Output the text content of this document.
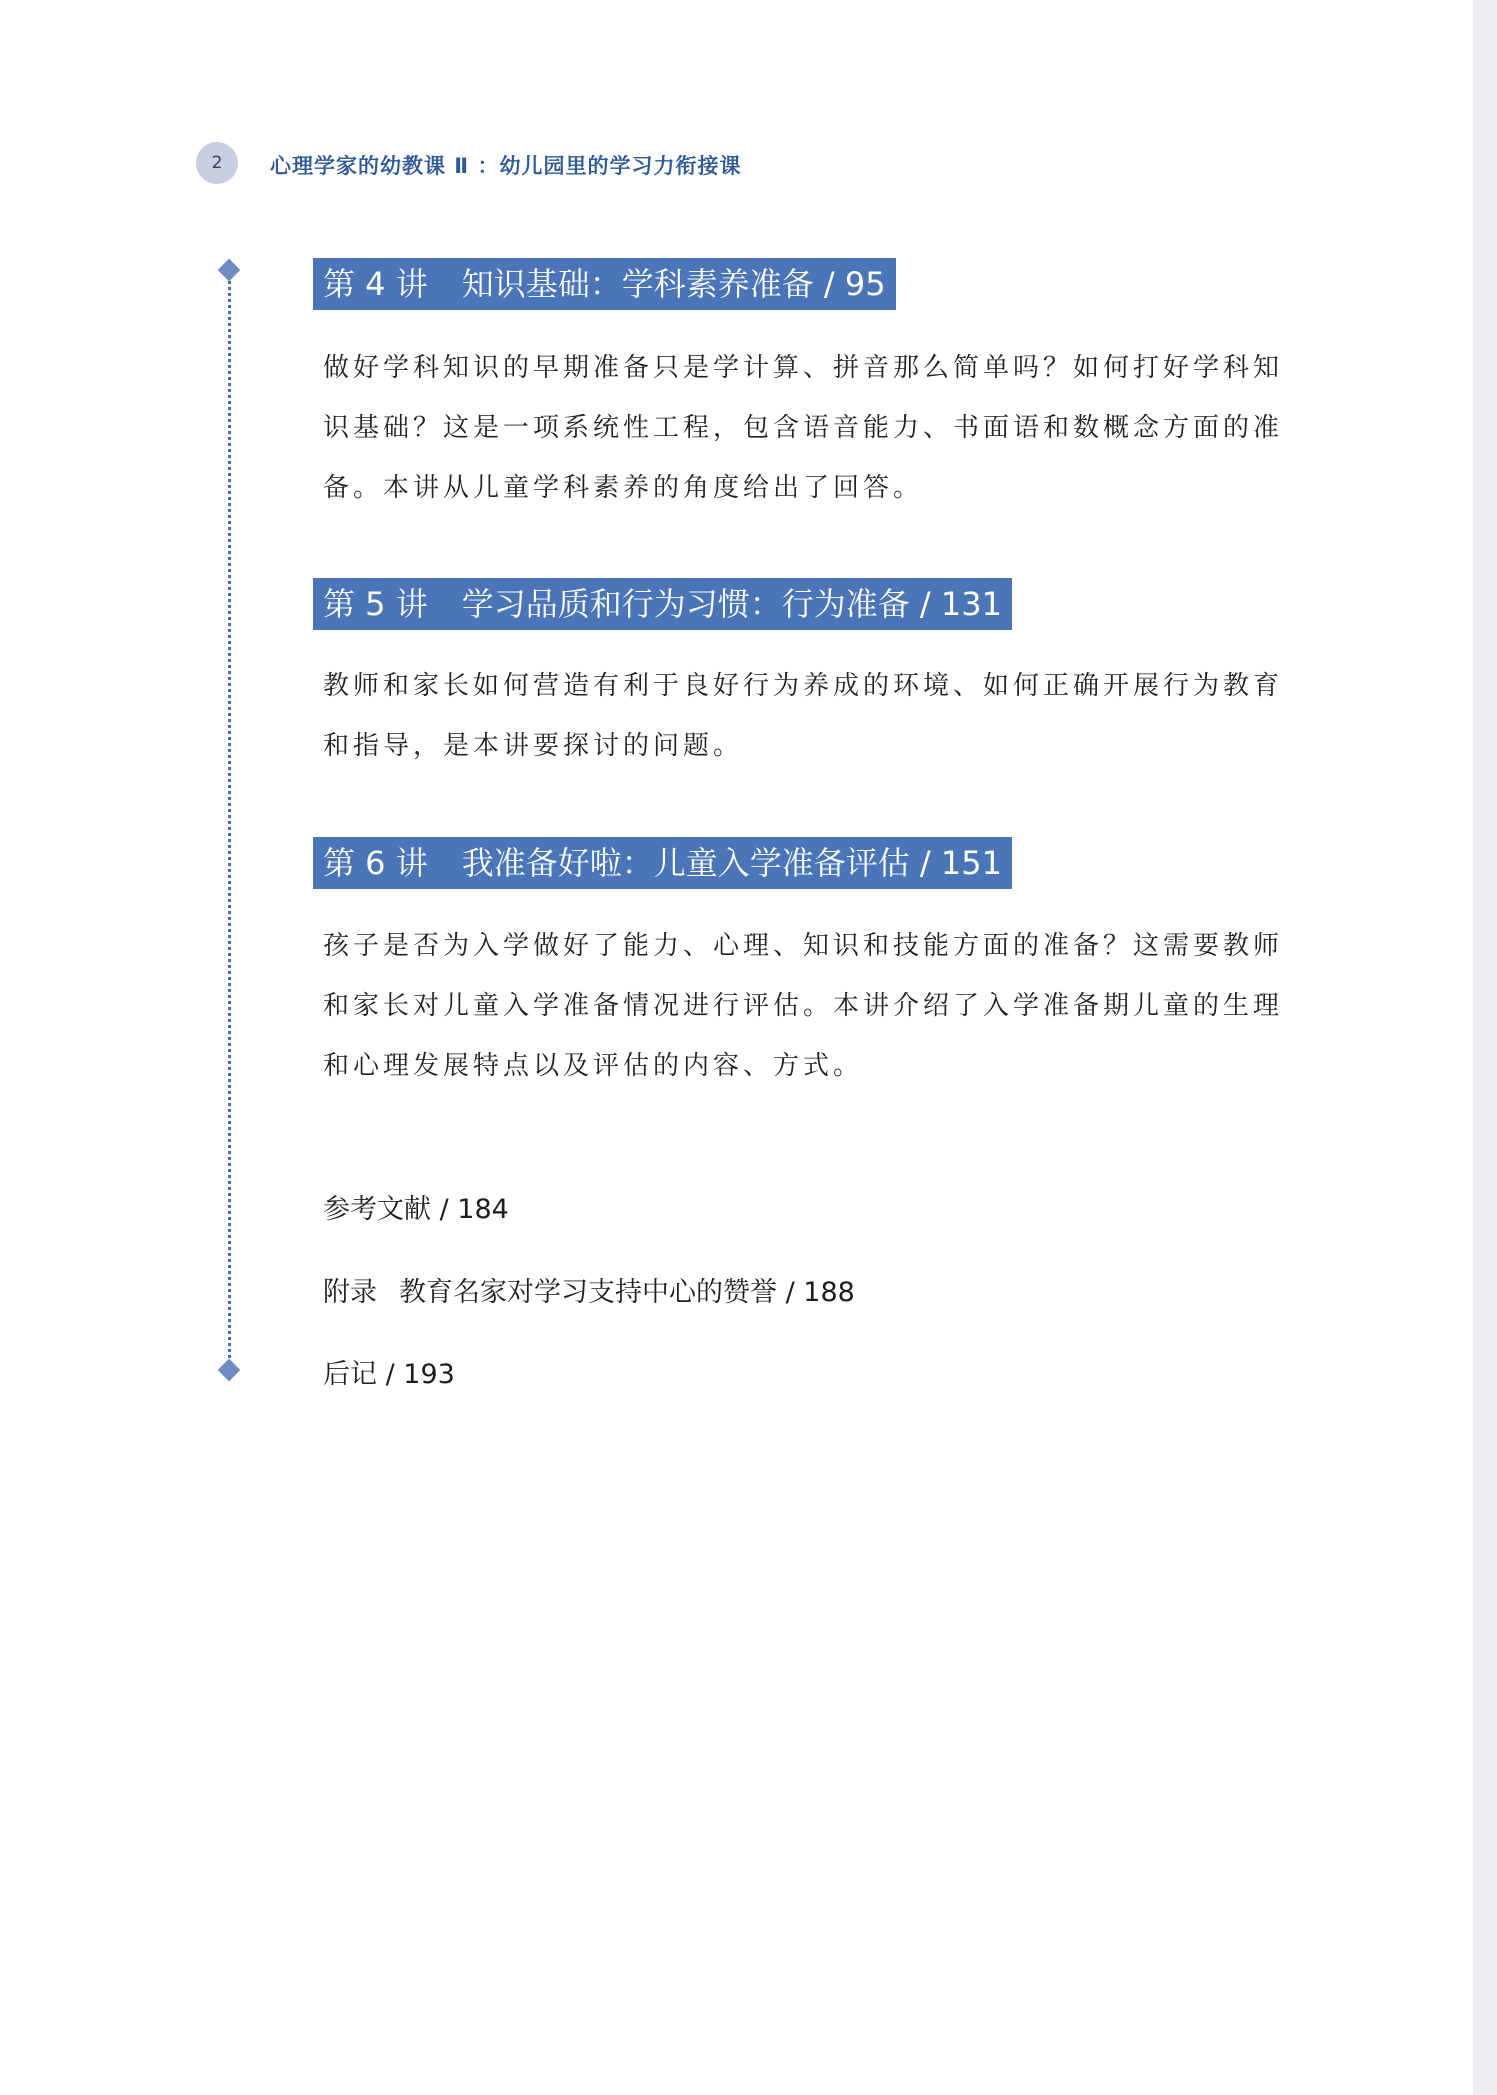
2	心理学家的幼教课 Ⅱ ：幼儿园里的学习力衔接课
第 4 讲 知识基础：学科素养准备 / 95

做好学科知识的早期准备只是学计算、拼音那么简单吗？如何打好学科知识基础？这是一项系统性工程，包含语音能力、书面语和数概念方面的准备。本讲从儿童学科素养的角度给出了回答。

第 5 讲 学习品质和行为习惯：行为准备 / 131

教师和家长如何营造有利于良好行为养成的环境、如何正确开展行为教育和指导，是本讲要探讨的问题。

第 6 讲 我准备好啦：儿童入学准备评估 / 151

孩子是否为入学做好了能力、心理、知识和技能方面的准备？这需要教师和家长对儿童入学准备情况进行评估。本讲介绍了入学准备期儿童的生理和心理发展特点以及评估的内容、方式。

参考文献 / 184
附录 教育名家对学习支持中心的赞誉 / 188
后记 / 193
